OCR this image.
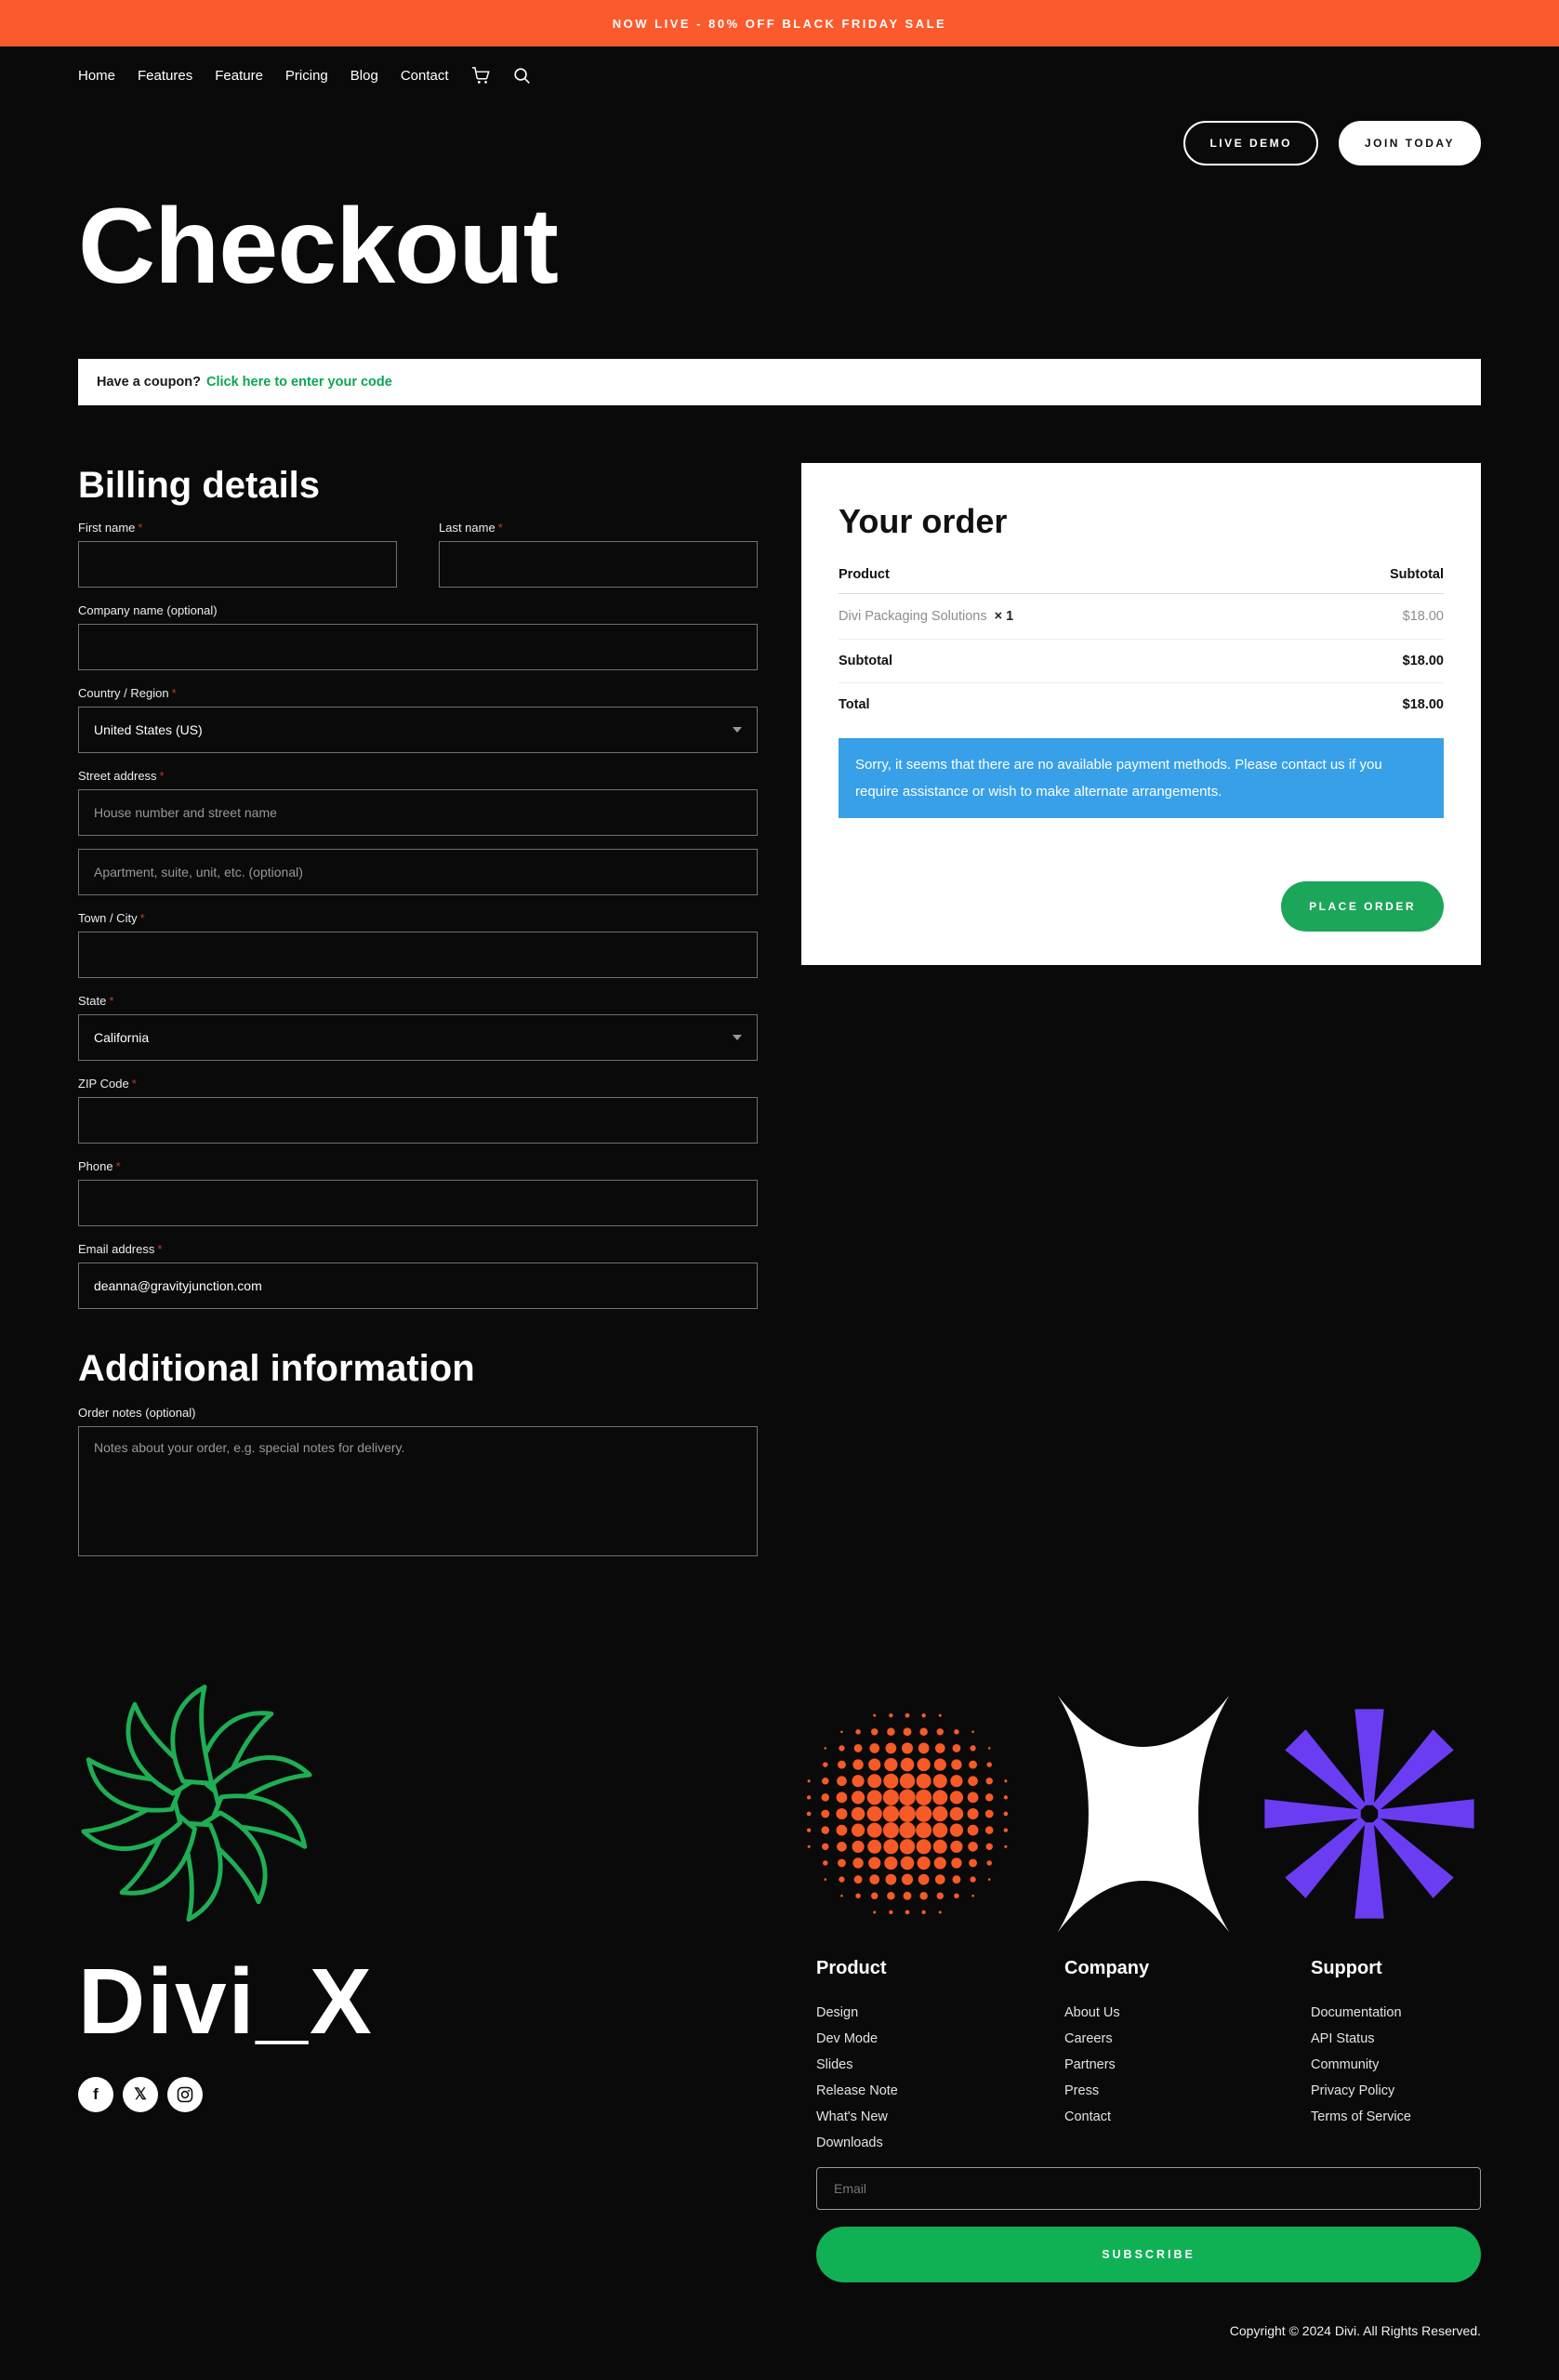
NOW LIVE - 80% OFF BLACK FRIDAY SALE
Home Features Feature Pricing Blog Contact
LIVE DEMO	JOIN TODAY
Checkout
Have a coupon? Click here to enter your code
Billing details
First name *	Last name *
Company name (optional)
Country / Region *
United States (US)
Street address *
House number and street name Apartment, suite, unit, etc. (optional)
Town / City *
State *
California
ZIP Code *
Phone *
Email address *
deanna@gravityjunction.com
Additional information
Order notes (optional)
Notes about your order, e.g. special notes for delivery.
Your order
Product	Subtotal
Divi Packaging Solutions × 1	$18.00
Subtotal	$18.00
Total	$18.00
Sorry, it seems that there are no available payment methods. Please contact us if you require assistance or wish to make alternate arrangements.
PLACE ORDER
Divi_X
f	𝕏
Product
Design
Dev Mode
Slides
Release Note
What's New
Downloads
Company
About Us
Careers
Partners
Press
Contact
Support
Documentation
API Status
Community
Privacy Policy
Terms of Service
Email SUBSCRIBE
Copyright © 2024 Divi. All Rights Reserved.
